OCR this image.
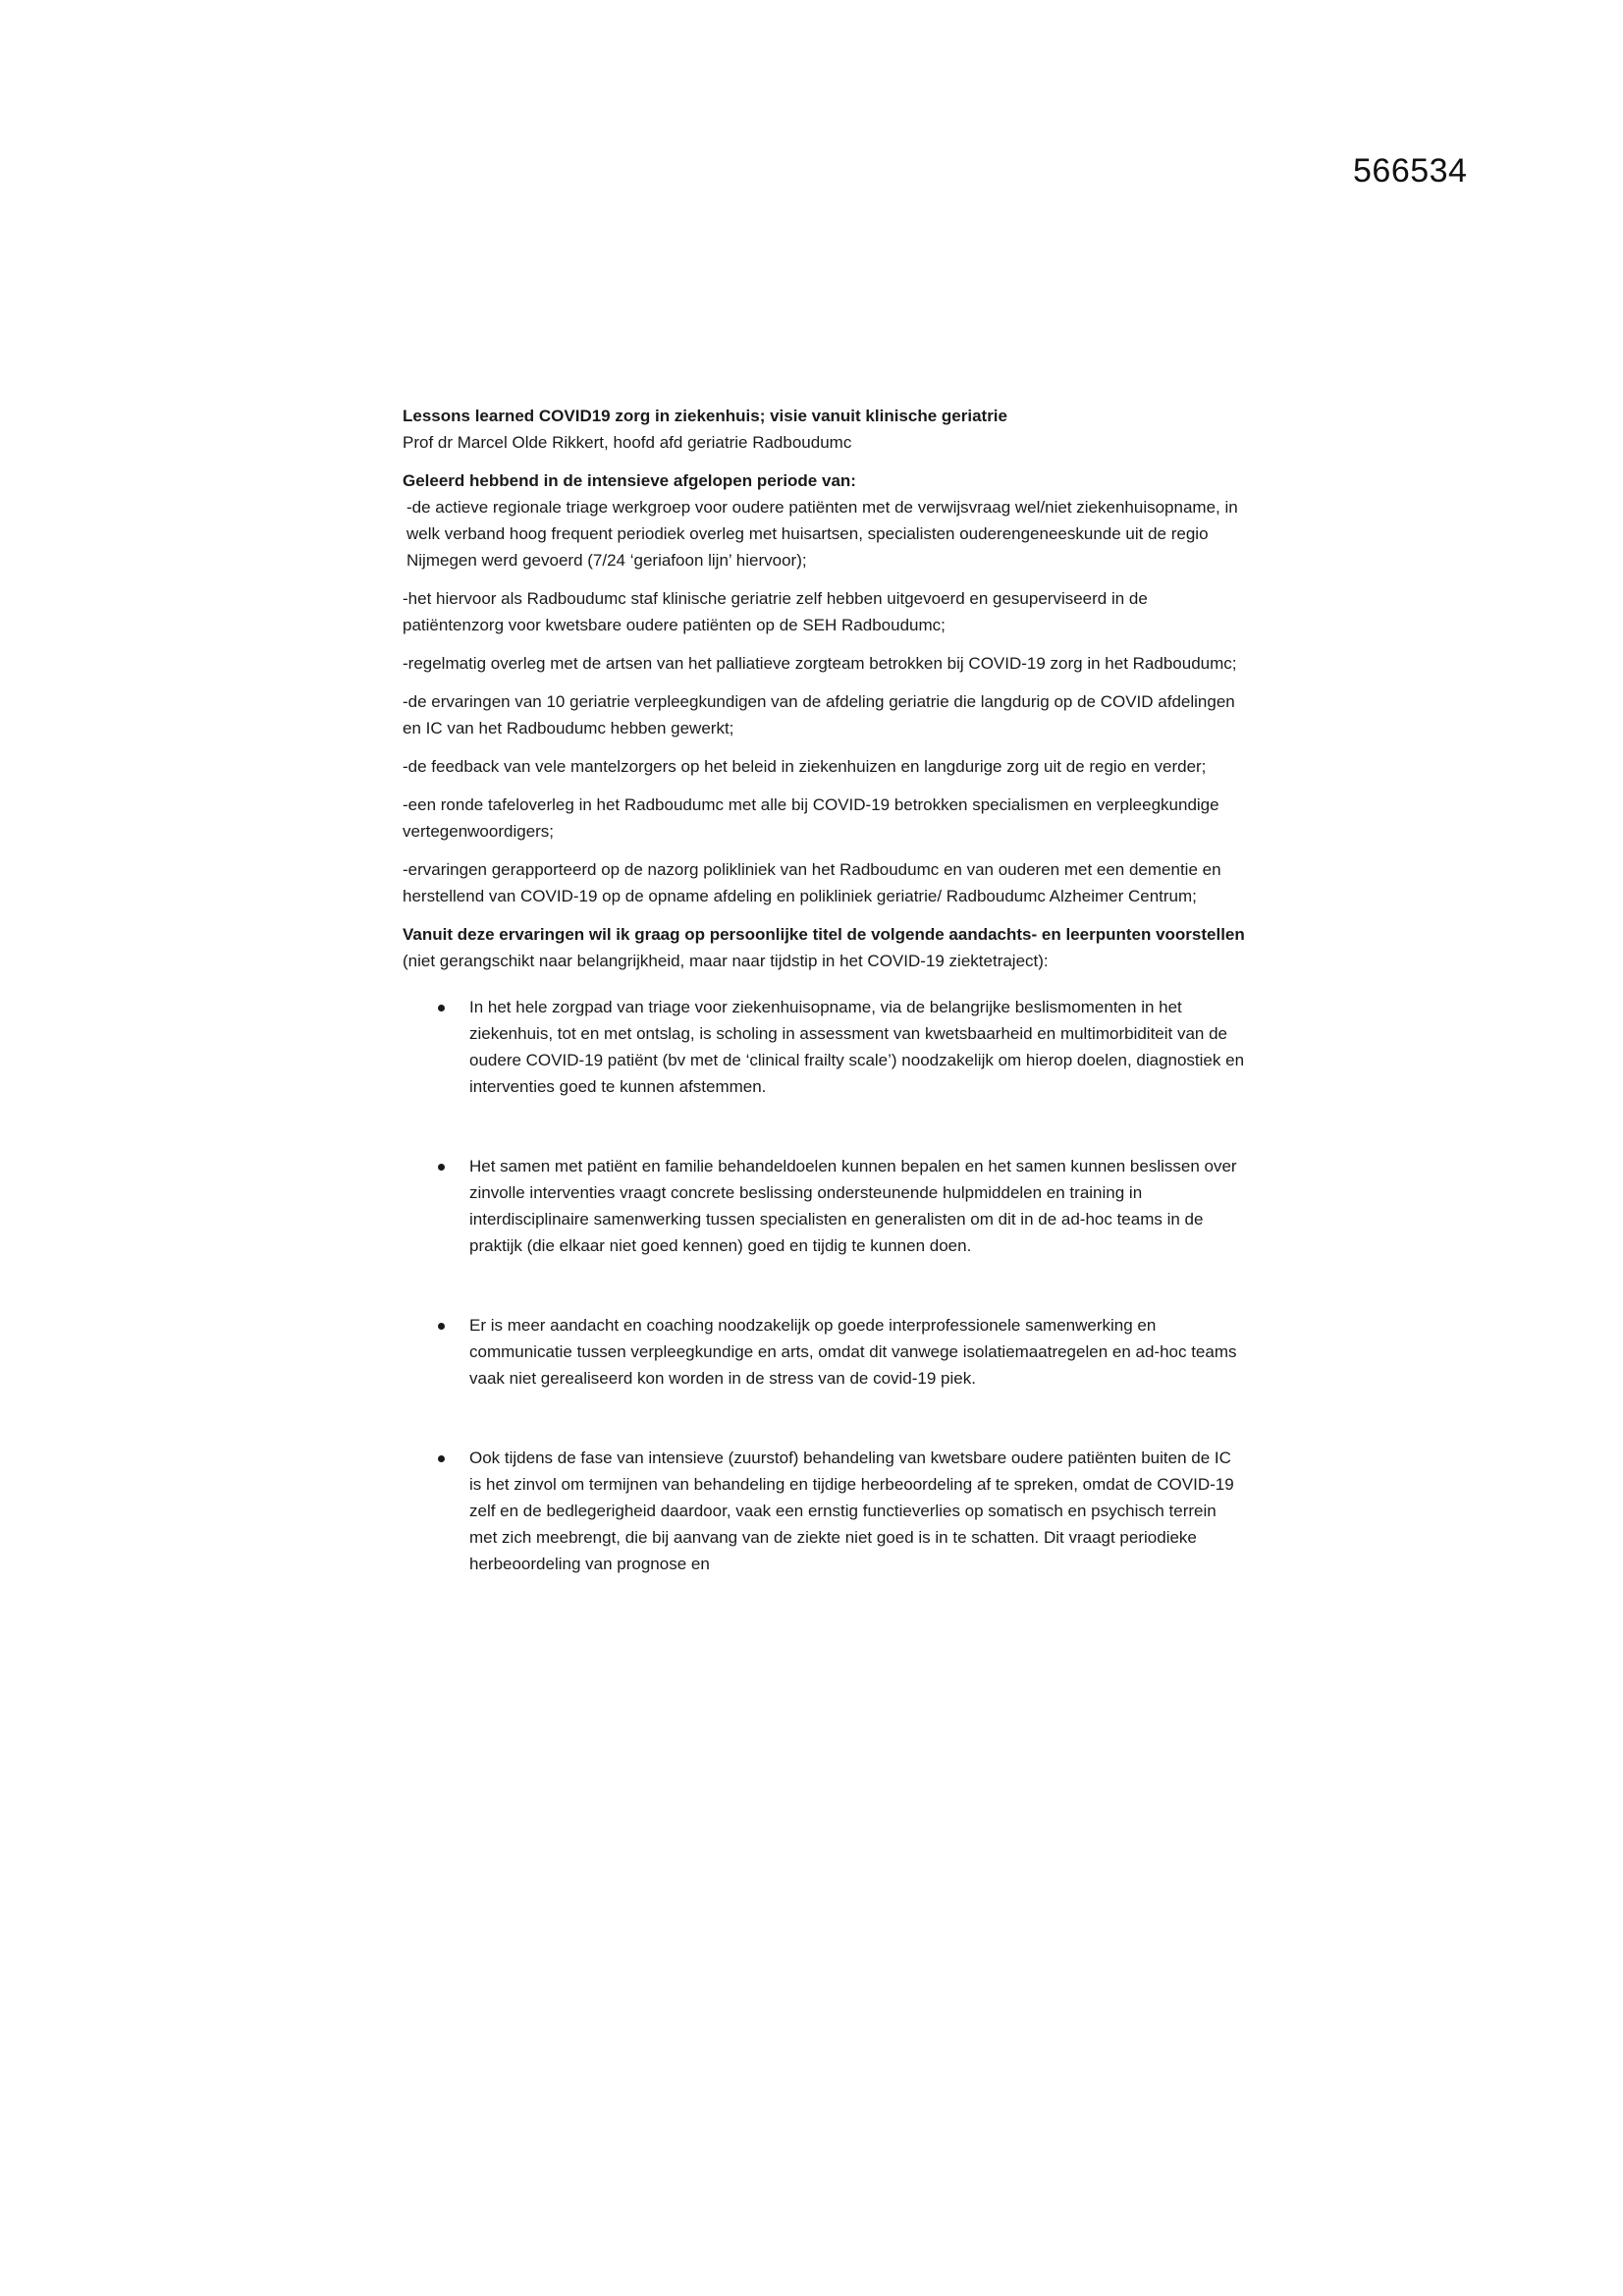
566534

Lessons learned COVID19 zorg in ziekenhuis; visie vanuit klinische geriatrie

Prof dr Marcel Olde Rikkert, hoofd afd geriatrie Radboudumc

Geleerd hebbend in de intensieve afgelopen periode van:

-de actieve regionale triage werkgroep voor oudere patiënten met de verwijsvraag wel/niet ziekenhuisopname, in welk verband hoog frequent periodiek overleg met huisartsen, specialisten ouderengeneeskunde uit de regio Nijmegen werd gevoerd (7/24 ‘geriafoon lijn’ hiervoor);

-het hiervoor als Radboudumc staf klinische geriatrie zelf hebben uitgevoerd en gesuperviseerd in de patiëntenzorg voor kwetsbare oudere patiënten op de SEH Radboudumc;

-regelmatig overleg met de artsen van het palliatieve zorgteam betrokken bij COVID-19 zorg in het Radboudumc;

-de ervaringen van 10 geriatrie verpleegkundigen van de afdeling geriatrie die langdurig op de COVID afdelingen en IC van het Radboudumc hebben gewerkt;

-de feedback van vele mantelzorgers op het beleid in ziekenhuizen en langdurige zorg uit de regio en verder;

-een ronde tafeloverleg in het Radboudumc met alle bij COVID-19 betrokken specialismen en verpleegkundige vertegenwoordigers;

-ervaringen gerapporteerd op de nazorg polikliniek van het Radboudumc en van ouderen met een dementie en herstellend van COVID-19 op de opname afdeling en polikliniek geriatrie/ Radboudumc Alzheimer Centrum;

Vanuit deze ervaringen wil ik graag op persoonlijke titel de volgende aandachts- en leerpunten voorstellen (niet gerangschikt naar belangrijkheid, maar naar tijdstip in het COVID-19 ziektetraject):

In het hele zorgpad van triage voor ziekenhuisopname, via de belangrijke beslismomenten in het ziekenhuis, tot en met ontslag, is scholing in assessment van kwetsbaarheid en multimorbiditeit van de oudere COVID-19 patiënt (bv met de ‘clinical frailty scale’) noodzakelijk om hierop doelen, diagnostiek en interventies goed te kunnen afstemmen.
Het samen met patiënt en familie behandeldoelen kunnen bepalen en het samen kunnen beslissen over zinvolle interventies vraagt concrete beslissing ondersteunende hulpmiddelen en training in interdisciplinaire samenwerking tussen specialisten en generalisten om dit in de ad-hoc teams in de praktijk (die elkaar niet goed kennen) goed en tijdig te kunnen doen.
Er is meer aandacht en coaching noodzakelijk op goede interprofessionele samenwerking en communicatie tussen verpleegkundige en arts, omdat dit vanwege isolatiemaatregelen en ad-hoc teams vaak niet gerealiseerd kon worden in de stress van de covid-19 piek.
Ook tijdens de fase van intensieve (zuurstof) behandeling van kwetsbare oudere patiënten buiten de IC is het zinvol om termijnen van behandeling en tijdige herbeoordeling af te spreken, omdat de COVID-19 zelf en de bedlegerigheid daardoor, vaak een ernstig functieverlies op somatisch en psychisch terrein met zich meebrengt, die bij aanvang van de ziekte niet goed is in te schatten. Dit vraagt periodieke herbeoordeling van prognose en
